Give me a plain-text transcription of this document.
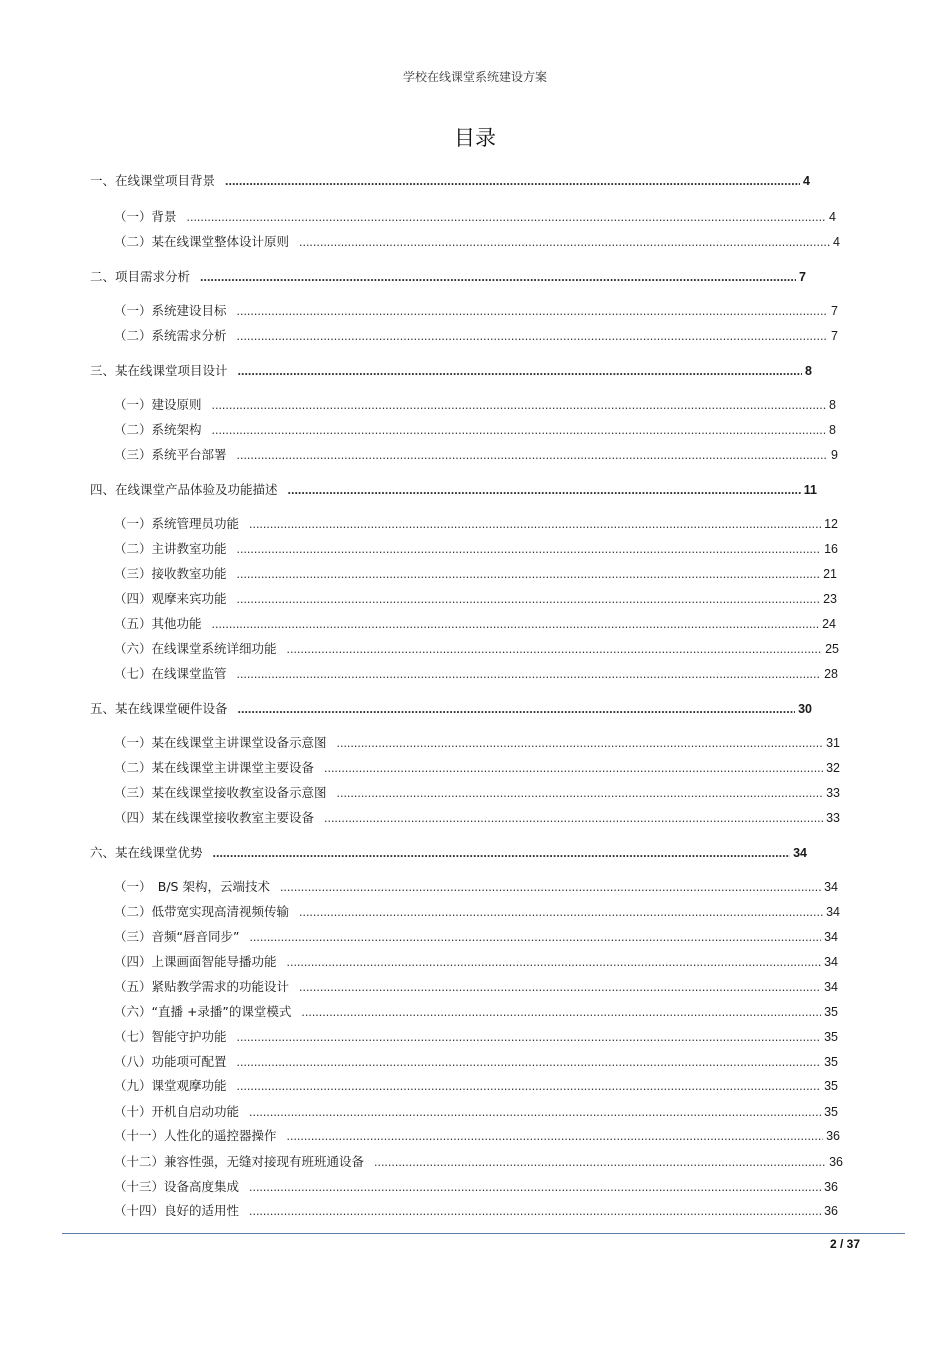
学校在线课堂系统建设方案
目录
一、在线课堂项目背景 .....	4
（一）背景 .....	4
（二）某在线课堂整体设计原则 .....	4
二、项目需求分析 .....	7
（一）系统建设目标 .....	7
（二）系统需求分析 .....	7
三、某在线课堂项目设计 .....	8
（一）建设原则 .....	8
（二）系统架构 .....	8
（三）系统平台部署 .....	9
四、在线课堂产品体验及功能描述 .....	11
（一）系统管理员功能 .....	12
（二）主讲教室功能 .....	16
（三）接收教室功能 .....	21
（四）观摩来宾功能 .....	23
（五）其他功能 .....	24
（六）在线课堂系统详细功能 .....	25
（七）在线课堂监管 .....	28
五、某在线课堂硬件设备 .....	30
（一）某在线课堂主讲课堂设备示意图 .....	31
（二）某在线课堂主讲课堂主要设备 .....	32
（三）某在线课堂接收教室设备示意图 .....	33
（四）某在线课堂接收教室主要设备 .....	33
六、某在线课堂优势 .....	34
（一）　B/S 架构，云端技术 .....	34
（二）低带宽实现高清视频传输 .....	34
（三）音频“唇音同步” .....	34
（四）上课画面智能导播功能 .....	34
（五）紧贴教学需求的功能设计 .....	34
（六）“直播 +录播”的课堂模式 .....	35
（七）智能守护功能 .....	35
（八）功能项可配置 .....	35
（九）课堂观摩功能 .....	35
（十）开机自启动功能 .....	35
（十一）人性化的遥控器操作 .....	36
（十二）兼容性强，无缝对接现有班班通设备 .....	36
（十三）设备高度集成 .....	36
（十四）良好的适用性 .....	36
2 / 37
